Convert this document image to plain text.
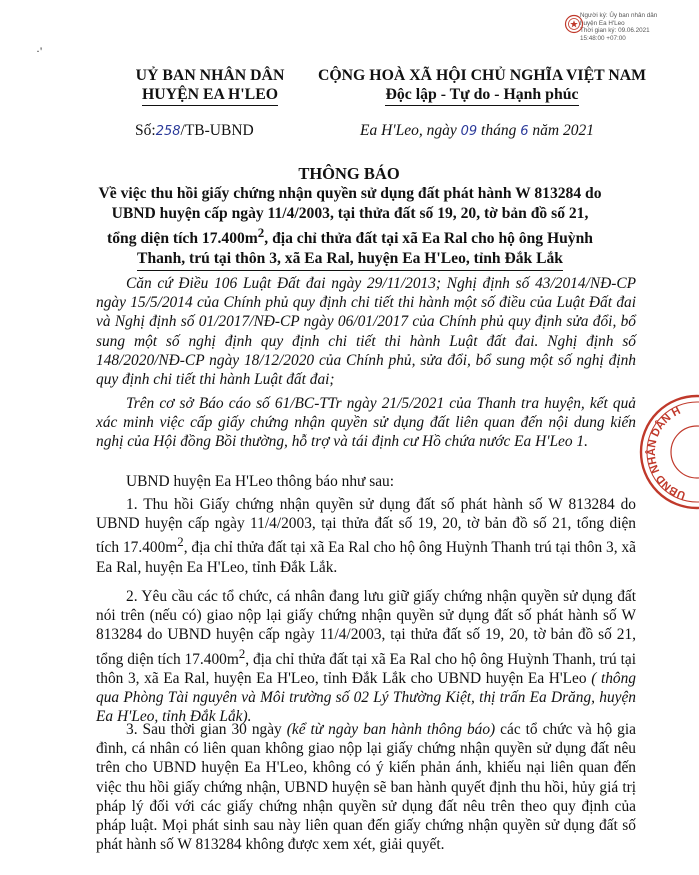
Người ký: Ủy ban nhân dân
huyện Ea H'Leo
Thời gian ký: 09.06.2021
15:48:00 +07:00
·'
UỶ BAN NHÂN DÂN
HUYỆN EA H'LEO
CỘNG HOÀ XÃ HỘI CHỦ NGHĨA VIỆT NAM
Độc lập - Tự do - Hạnh phúc
Số:258/TB-UBND	Ea H'Leo, ngày 09 tháng 6 năm 2021
THÔNG BÁO
Về việc thu hồi giấy chứng nhận quyền sử dụng đất phát hành W 813284 do
UBND huyện cấp ngày 11/4/2003, tại thửa đất số 19, 20, tờ bản đồ số 21,
tổng diện tích $17.400m^2$, địa chỉ thửa đất tại xã Ea Ral cho hộ ông Huỳnh
Thanh, trú tại thôn 3, xã Ea Ral, huyện Ea H'Leo, tỉnh Đắk Lắk

Căn cứ Điều 106 Luật Đất đai ngày 29/11/2013; Nghị định số 43/2014/NĐ-CP ngày 15/5/2014 của Chính phủ quy định chi tiết thi hành một số điều của Luật Đất đai và Nghị định số 01/2017/NĐ-CP ngày 06/01/2017 của Chính phủ quy định sửa đổi, bổ sung một số nghị định quy định chi tiết thi hành Luật đất đai. Nghị định số 148/2020/NĐ-CP ngày 18/12/2020 của Chính phủ, sửa đổi, bổ sung một số nghị định quy định chi tiết thi hành Luật đất đai;

Trên cơ sở Báo cáo số 61/BC-TTr ngày 21/5/2021 của Thanh tra huyện, kết quả xác minh việc cấp giấy chứng nhận quyền sử dụng đất liên quan đến nội dung kiến nghị của Hội đồng Bồi thường, hỗ trợ và tái định cư Hồ chứa nước Ea H'Leo 1.

UBND huyện Ea H'Leo thông báo như sau:

1. Thu hồi Giấy chứng nhận quyền sử dụng đất số phát hành số W 813284 do UBND huyện cấp ngày 11/4/2003, tại thửa đất số 19, 20, tờ bản đồ số 21, tổng diện tích $17.400m^2$, địa chỉ thửa đất tại xã Ea Ral cho hộ ông Huỳnh Thanh trú tại thôn 3, xã Ea Ral, huyện Ea H'Leo, tỉnh Đắk Lắk.

2. Yêu cầu các tổ chức, cá nhân đang lưu giữ giấy chứng nhận quyền sử dụng đất nói trên (nếu có) giao nộp lại giấy chứng nhận quyền sử dụng đất số phát hành số W 813284 do UBND huyện cấp ngày 11/4/2003, tại thửa đất số 19, 20, tờ bản đồ số 21, tổng diện tích $17.400m^2$, địa chỉ thửa đất tại xã Ea Ral cho hộ ông Huỳnh Thanh, trú tại thôn 3, xã Ea Ral, huyện Ea H'Leo, tỉnh Đắk Lắk cho UBND huyện Ea H'Leo ( thông qua Phòng Tài nguyên và Môi trường số 02 Lý Thường Kiệt, thị trấn Ea Drăng, huyện Ea H'Leo, tỉnh Đắk Lắk).

3. Sau thời gian 30 ngày (kể từ ngày ban hành thông báo) các tổ chức và hộ gia đình, cá nhân có liên quan không giao nộp lại giấy chứng nhận quyền sử dụng đất nêu trên cho UBND huyện Ea H'Leo, không có ý kiến phản ánh, khiếu nại liên quan đến việc thu hồi giấy chứng nhận, UBND huyện sẽ ban hành quyết định thu hồi, hủy giá trị pháp lý đối với các giấy chứng nhận quyền sử dụng đất nêu trên theo quy định của pháp luật. Mọi phát sinh sau này liên quan đến giấy chứng nhận quyền sử dụng đất số phát hành số W 813284 không được xem xét, giải quyết.

UBND NHÂN DÂN H
